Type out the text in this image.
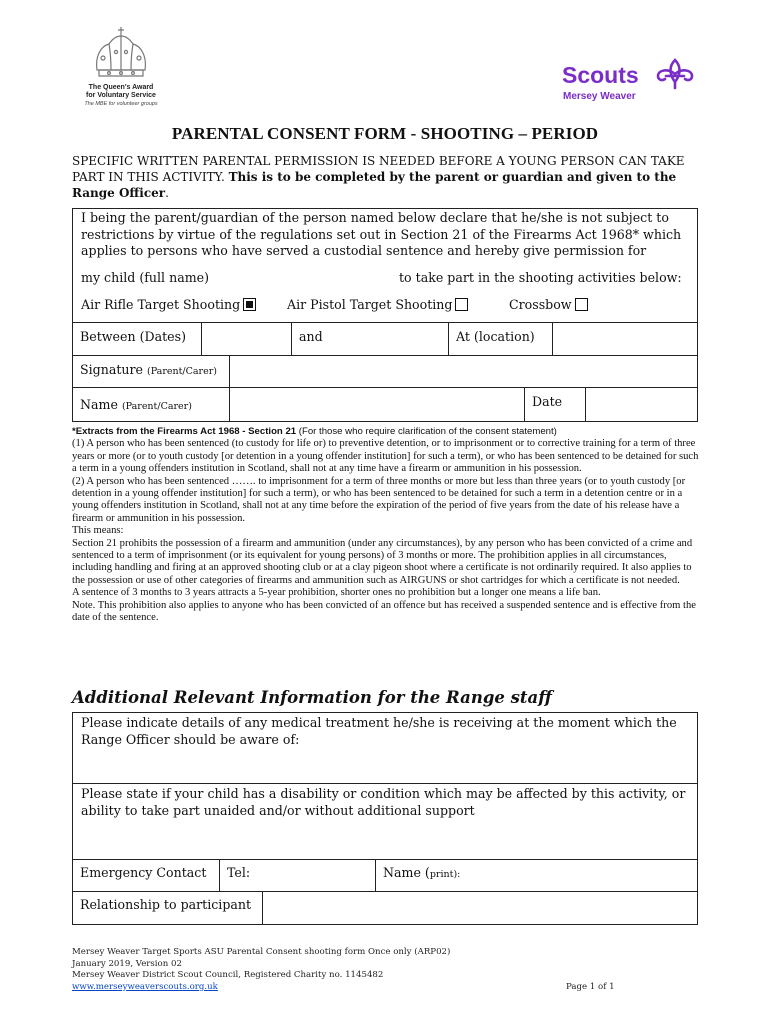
The Queen's Award
for Voluntary Service
The MBE for volunteer groups
Scouts
Mersey Weaver
PARENTAL CONSENT FORM - SHOOTING – PERIOD
SPECIFIC WRITTEN PARENTAL PERMISSION IS NEEDED BEFORE A YOUNG PERSON CAN TAKE
PART IN THIS ACTIVITY. This is to be completed by the parent or guardian and given to the
Range Officer.
I being the parent/guardian of the person named below declare that he/she is not subject to restrictions by virtue of the regulations set out in Section 21 of the Firearms Act 1968* which applies to persons who have served a custodial sentence and hereby give permission for
my child (full name)	to take part in the shooting activities below:
Air Rifle Target Shooting	Air Pistol Target Shooting	Crossbow
Between (Dates)	and	At (location)
Signature (Parent/Carer)
Name (Parent/Carer)	Date

*Extracts from the Firearms Act 1968 - Section 21 (For those who require clarification of the consent statement)

(1) A person who has been sentenced (to custody for life or) to preventive detention, or to imprisonment or to corrective training for a term of three years or more (or to youth custody [or detention in a young offender institution] for such a term), or who has been sentenced to be detained for such a term in a young offenders institution in Scotland, shall not at any time have a firearm or ammunition in his possession.

(2) A person who has been sentenced ……. to imprisonment for a term of three months or more but less than three years (or to youth custody [or detention in a young offender institution] for such a term), or who has been sentenced to be detained for such a term in a detention centre or in a young offenders institution in Scotland, shall not at any time before the expiration of the period of five years from the date of his release have a firearm or ammunition in his possession.

This means:

Section 21 prohibits the possession of a firearm and ammunition (under any circumstances), by any person who has been convicted of a crime and sentenced to a term of imprisonment (or its equivalent for young persons) of 3 months or more. The prohibition applies in all circumstances, including handling and firing at an approved shooting club or at a clay pigeon shoot where a certificate is not ordinarily required. It also applies to the possession or use of other categories of firearms and ammunition such as AIRGUNS or shot cartridges for which a certificate is not needed.

A sentence of 3 months to 3 years attracts a 5-year prohibition, shorter ones no prohibition but a longer one means a life ban.

Note. This prohibition also applies to anyone who has been convicted of an offence but has received a suspended sentence and is effective from the date of the sentence.

Additional Relevant Information for the Range staff
Please indicate details of any medical treatment he/she is receiving at the moment which the Range Officer should be aware of:
Please state if your child has a disability or condition which may be affected by this activity, or ability to take part unaided and/or without additional support
Emergency Contact	Tel:	Name (print):
Relationship to participant
Mersey Weaver Target Sports ASU Parental Consent shooting form Once only (ARP02)
January 2019, Version 02
Mersey Weaver District Scout Council, Registered Charity no. 1145482
www.merseyweaverscouts.org.uk	Page 1 of 1
